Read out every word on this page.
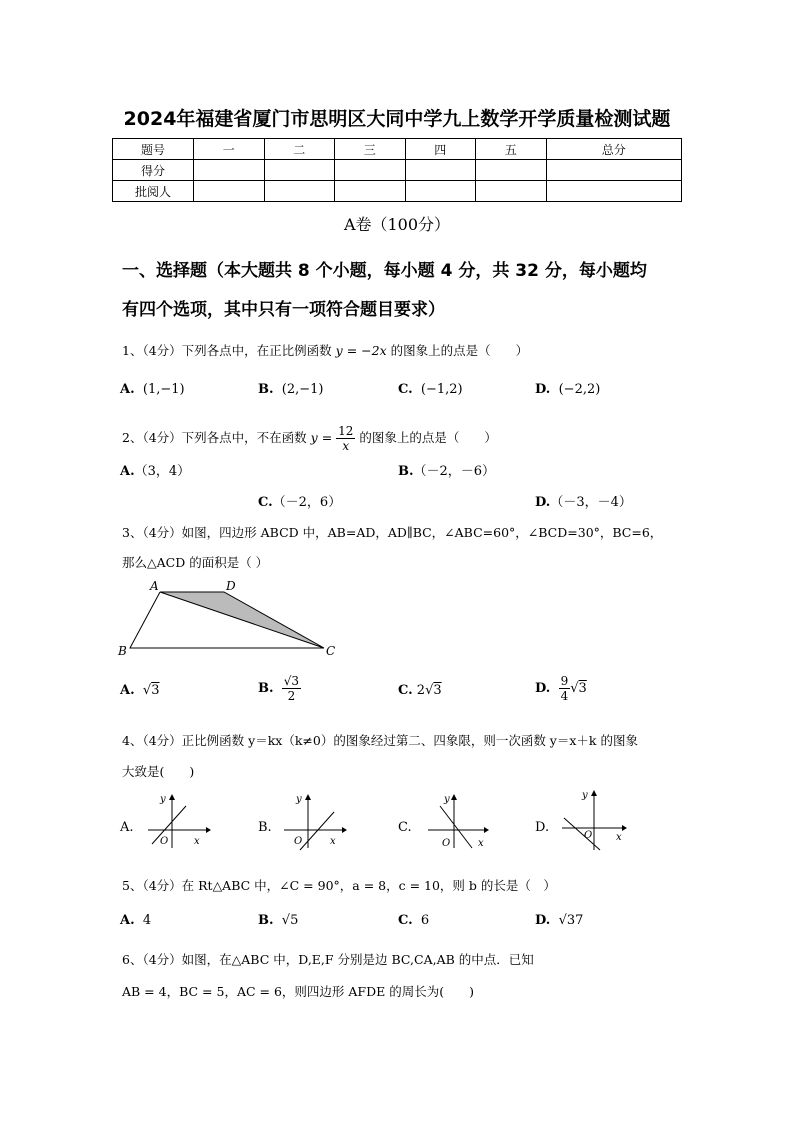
2024年福建省厦门市思明区大同中学九上数学开学质量检测试题
题号	一	二	三	四	五	总分
得分						
批阅人						
A卷（100分）
一、选择题（本大题共 8 个小题，每小题 4 分，共 32 分，每小题均
有四个选项，其中只有一项符合题目要求）
1、（4分）下列各点中，在正比例函数 y = −2x 的图象上的点是（　　）
A. (1,−1)	B. (2,−1)	C. (−1,2)	D. (−2,2)
2、（4分）下列各点中，不在函数 $y = \frac{12}{x}$ 的图象上的点是（　　）
A.（3，4）	B.（－2，－6）
C.（－2，6）	D.（－3，－4）
3、（4分）如图，四边形 ABCD 中，AB=AD，AD∥BC，∠ABC=60°，∠BCD=30°，BC=6，
那么△ACD 的面积是（ ）
A	D
B	C
A. √3	B. $\frac{√3}{2}$	C. 2√3	D. $\frac{9}{4} √3$
4、（4分）正比例函数 y＝kx（k≠0）的图象经过第二、四象限，则一次函数 y＝x＋k 的图象
大致是(　　)
A.
y
O	x
B.
y
O	x
C.
y
O	x
D.
y
O x
5、（4分）在 Rt△ABC 中，∠C = 90°，a = 8，c = 10，则 b 的长是（　）
A. 4	B. √5	C. 6	D. √37
6、（4分）如图，在△ABC 中，D,E,F 分别是边 BC,CA,AB 的中点．已知
AB = 4，BC = 5，AC = 6，则四边形 AFDE 的周长为(　　)
